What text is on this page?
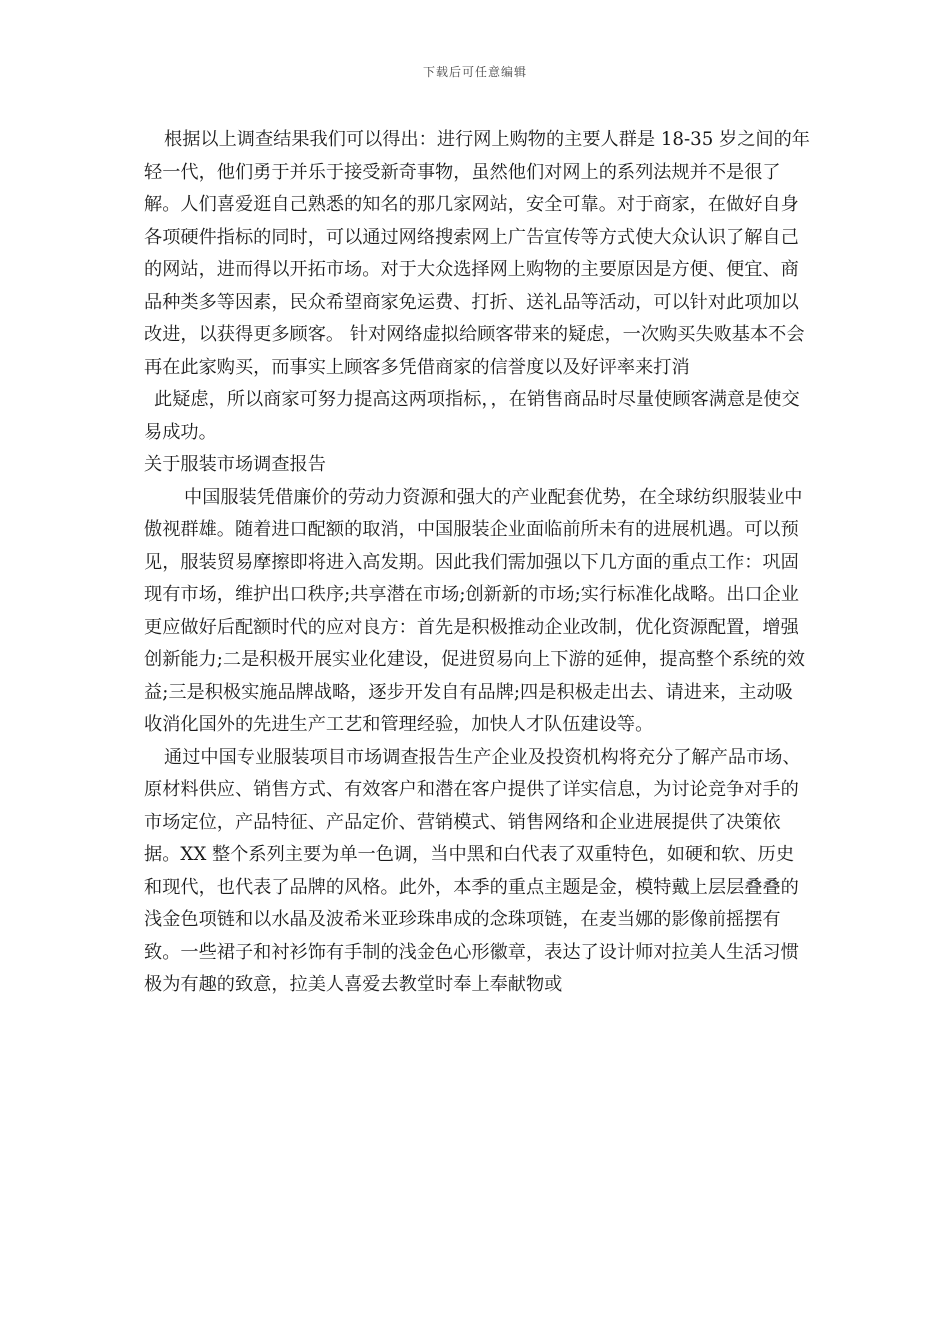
下载后可任意编辑

根据以上调查结果我们可以得出：进行网上购物的主要人群是 18-35 岁之间的年轻一代，他们勇于并乐于接受新奇事物，虽然他们对网上的系列法规并不是很了解。人们喜爱逛自己熟悉的知名的那几家网站，安全可靠。对于商家，在做好自身各项硬件指标的同时，可以通过网络搜索网上广告宣传等方式使大众认识了解自己的网站，进而得以开拓市场。对于大众选择网上购物的主要原因是方便、便宜、商品种类多等因素，民众希望商家免运费、打折、送礼品等活动，可以针对此项加以改进，以获得更多顾客。 针对网络虚拟给顾客带来的疑虑，一次购买失败基本不会再在此家购买，而事实上顾客多凭借商家的信誉度以及好评率来打消

此疑虑，所以商家可努力提高这两项指标，，在销售商品时尽量使顾客满意是使交易成功。

关于服装市场调查报告

中国服装凭借廉价的劳动力资源和强大的产业配套优势，在全球纺织服装业中傲视群雄。随着进口配额的取消，中国服装企业面临前所未有的进展机遇。可以预见，服装贸易摩擦即将进入高发期。因此我们需加强以下几方面的重点工作：巩固现有市场，维护出口秩序;共享潜在市场;创新新的市场;实行标准化战略。出口企业更应做好后配额时代的应对良方：首先是积极推动企业改制，优化资源配置，增强创新能力;二是积极开展实业化建设，促进贸易向上下游的延伸，提高整个系统的效益;三是积极实施品牌战略，逐步开发自有品牌;四是积极走出去、请进来，主动吸收消化国外的先进生产工艺和管理经验，加快人才队伍建设等。

通过中国专业服装项目市场调查报告生产企业及投资机构将充分了解产品市场、原材料供应、销售方式、有效客户和潜在客户提供了详实信息，为讨论竞争对手的市场定位，产品特征、产品定价、营销模式、销售网络和企业进展提供了决策依据。XX 整个系列主要为单一色调，当中黑和白代表了双重特色，如硬和软、历史和现代，也代表了品牌的风格。此外，本季的重点主题是金，模特戴上层层叠叠的浅金色项链和以水晶及波希米亚珍珠串成的念珠项链，在麦当娜的影像前摇摆有致。一些裙子和衬衫饰有手制的浅金色心形徽章，表达了设计师对拉美人生活习惯极为有趣的致意，拉美人喜爱去教堂时奉上奉献物或
